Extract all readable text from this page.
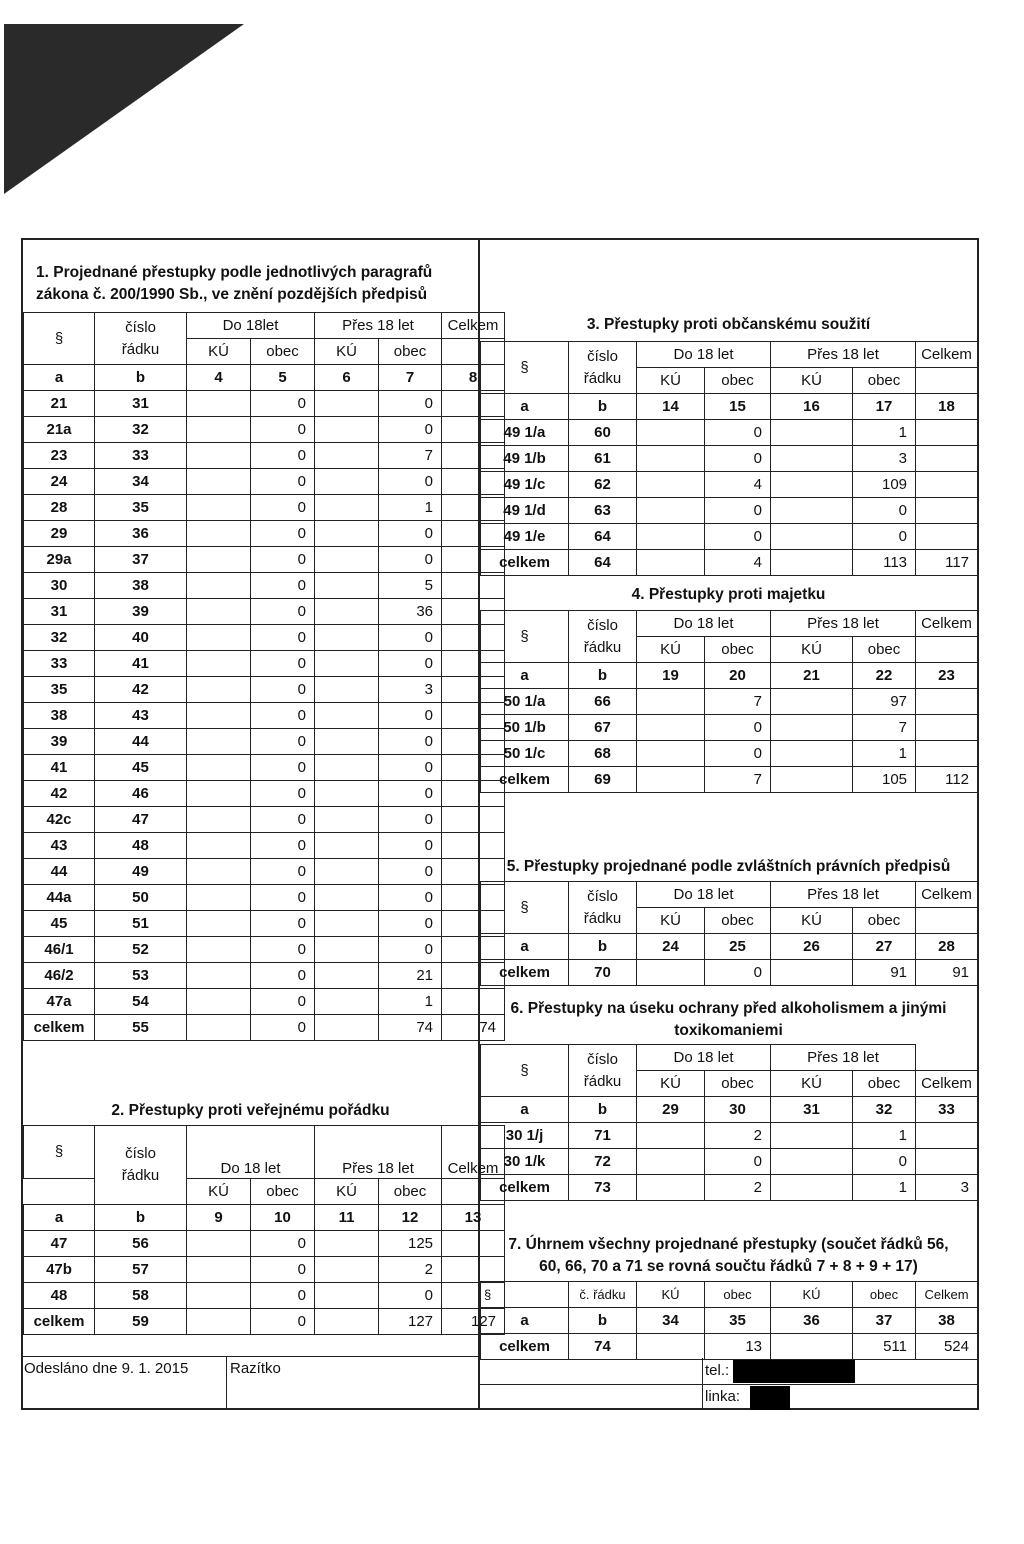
1. Projednané přestupky podle jednotlivých paragrafů
zákona č. 200/1990 Sb., ve znění pozdějších předpisů
§	číslo
řádku	Do 18let		Přes 18 let		Celkem
		KÚ	obec	KÚ	obec	
a	b	4	5	6	7	8
21	31		0		0	
21a	32		0		0	
23	33		0		7	
24	34		0		0	
28	35		0		1	
29	36		0		0	
29a	37		0		0	
30	38		0		5	
31	39		0		36	
32	40		0		0	
33	41		0		0	
35	42		0		3	
38	43		0		0	
39	44		0		0	
41	45		0		0	
42	46		0		0	
42c	47		0		0	
43	48		0		0	
44	49		0		0	
44a	50		0		0	
45	51		0		0	
46/1	52		0		0	
46/2	53		0		21	
47a	54		0		1	
celkem	55		0		74	74
2. Přestupky proti veřejnému pořádku
§	číslo
řádku	Do 18 let		Přes 18 let		Celkem

		KÚ	obec	KÚ	obec	
a	b	9	10	11	12	13
47	56		0		125	
47b	57		0		2	
48	58		0		0	
celkem	59		0		127	127
3. Přestupky proti občanskému soužití
§	číslo
řádku	Do 18 let		Přes 18 let		Celkem
		KÚ	obec	KÚ	obec	
a	b	14	15	16	17	18
49 1/a	60		0		1	
49 1/b	61		0		3	
49 1/c	62		4		109	
49 1/d	63		0		0	
49 1/e	64		0		0	
celkem	64		4		113	117
4. Přestupky proti majetku
§	číslo
řádku	Do 18 let		Přes 18 let		Celkem
		KÚ	obec	KÚ	obec	
a	b	19	20	21	22	23
50 1/a	66		7		97	
50 1/b	67		0		7	
50 1/c	68		0		1	
celkem	69		7		105	112
5. Přestupky projednané podle zvláštních právních předpisů
§	číslo
řádku	Do 18 let		Přes 18 let		Celkem
		KÚ	obec	KÚ	obec	
a	b	24	25	26	27	28
celkem	70		0		91	91
6. Přestupky na úseku ochrany před alkoholismem a jinými
toxikomaniemi
§	číslo
řádku	Do 18 let		Přes 18 let		
		KÚ	obec	KÚ	obec	Celkem
a	b	29	30	31	32	33
30 1/j	71		2		1	
30 1/k	72		0		0	
celkem	73		2		1	3
7. Úhrnem všechny projednané přestupky (součet řádků 56,
60, 66, 70 a 71 se rovná součtu řádků 7 + 8 + 9 + 17)
§	č. řádku	KÚ	obec	KÚ	obec	Celkem
a	b	34	35	36	37	38
celkem	74		13		511	524
Odesláno dne 9. 1. 2015	Razítko	tel.:
linka:
